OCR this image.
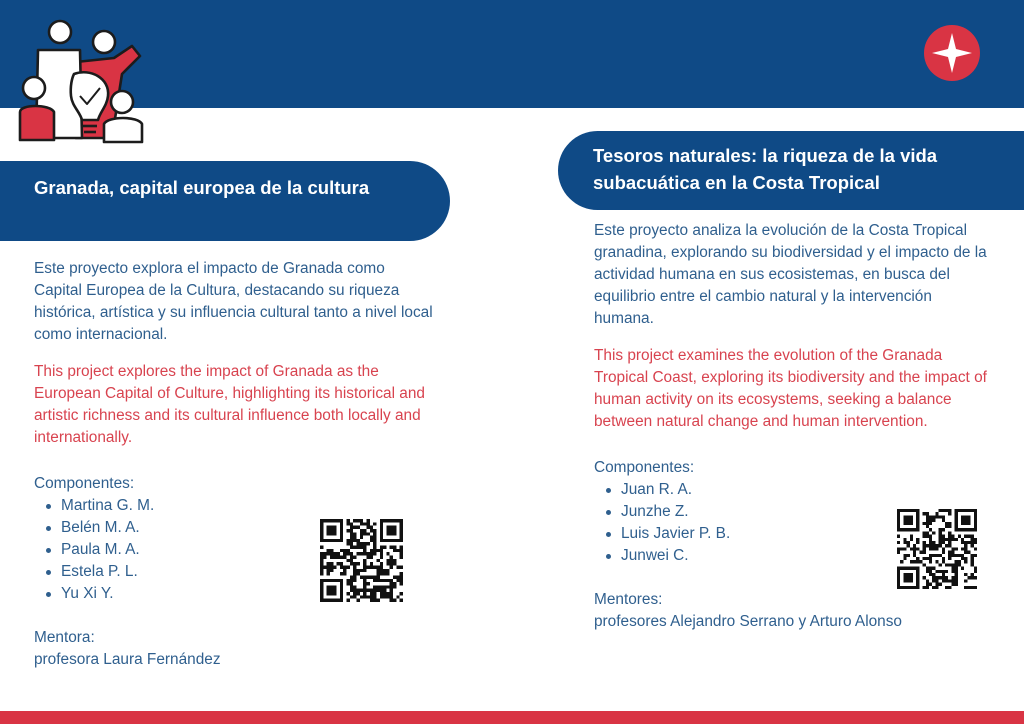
Granada, capital europea de la cultura

Este proyecto explora el impacto de Granada como Capital Europea de la Cultura, destacando su riqueza histórica, artística y su influencia cultural tanto a nivel local como internacional.

This project explores the impact of Granada as the European Capital of Culture, highlighting its historical and artistic richness and its cultural influence both locally and internationally.

Componentes:

Martina G. M.
Belén M. A.
Paula M. A.
Estela P. L.
Yu Xi Y.

Mentora:

profesora Laura Fernández

Tesoros naturales: la riqueza de la vida subacuática en la Costa Tropical

Este proyecto analiza la evolución de la Costa Tropical granadina, explorando su biodiversidad y el impacto de la actividad humana en sus ecosistemas, en busca del equilibrio entre el cambio natural y la intervención humana.

This project examines the evolution of the Granada Tropical Coast, exploring its biodiversity and the impact of human activity on its ecosystems, seeking a balance between natural change and human intervention.

Componentes:

Juan R. A.
Junzhe Z.
Luis Javier P. B.
Junwei C.

Mentores:

profesores Alejandro Serrano y Arturo Alonso
